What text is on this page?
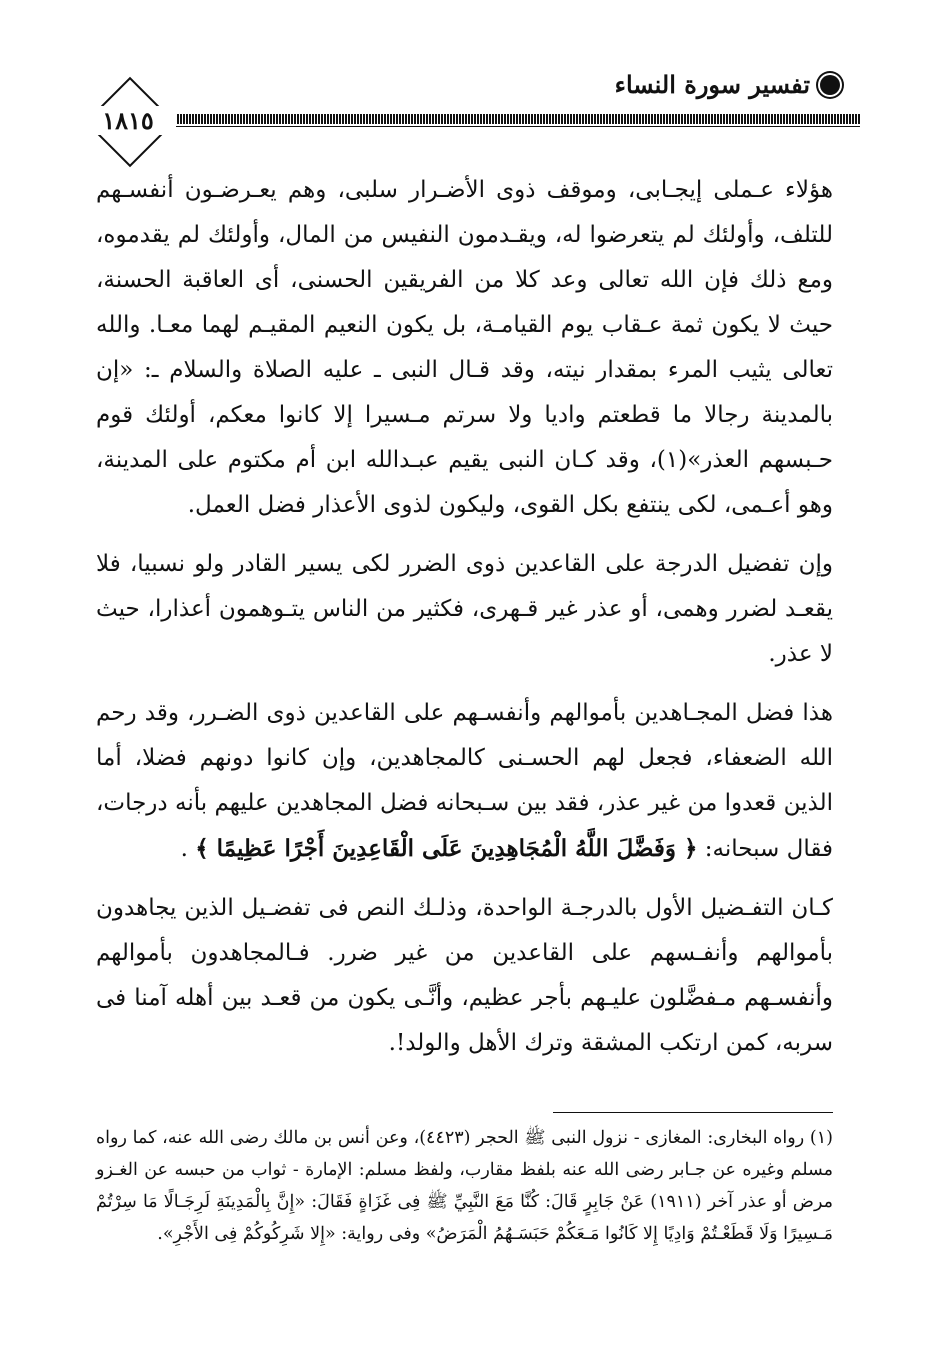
تفسير سورة النساء
١٨١٥

هؤلاء عـملى إيجـابى، وموقف ذوى الأضـرار سلبى، وهم يعـرضـون أنفسـهم للتلف، وأولئك لم يتعرضوا له، ويقـدمون النفيس من المال، وأولئك لم يقدموه، ومع ذلك فإن الله تعالى وعد كلا من الفريقين الحسنى، أى العاقبة الحسنة، حيث لا يكون ثمة عـقاب يوم القيامـة، بل يكون النعيم المقيـم لهما معـا. والله تعالى يثيب المرء بمقدار نيته، وقد قـال النبى ـ عليه الصلاة والسلام ـ: «إن بالمدينة رجالا ما قطعتم واديا ولا سرتم مـسيرا إلا كانوا معكم، أولئك قوم حـبسهم العذر»(١)، وقد كـان النبى يقيم عبـدالله ابن أم مكتوم على المدينة، وهو أعـمى، لكى ينتفع بكل القوى، وليكون لذوى الأعذار فضل العمل.

وإن تفضيل الدرجة على القاعدين ذوى الضرر لكى يسير القادر ولو نسبيا، فلا يقعـد لضرر وهمى، أو عذر غير قـهرى، فكثير من الناس يتـوهمون أعذارا، حيث لا عذر.

هذا فضل المجـاهدين بأموالهم وأنفسـهم على القاعدين ذوى الضـرر، وقد رحم الله الضعفاء، فجعل لهم الحسـنى كالمجاهدين، وإن كانوا دونهم فضلا، أما الذين قعدوا من غير عذر، فقد بين سـبحانه فضل المجاهدين عليهم بأنه درجات، فقال سبحانه: ﴿ وَفَضَّلَ اللَّهُ الْمُجَاهِدِينَ عَلَى الْقَاعِدِينَ أَجْرًا عَظِيمًا ﴾ .

كـان التفـضيل الأول بالدرجـة الواحدة، وذلـك النص فى تفضـيل الذين يجاهدون بأموالهم وأنفـسهم على القاعدين من غير ضرر. فـالمجاهدون بأموالهم وأنفسـهم مـفضَّلون عليـهم بأجر عظيم، وأنَّـى يكون من قعـد بين أهله آمنا فى سربه، كمن ارتكب المشقة وترك الأهل والولد!.

(١) رواه البخارى: المغازى - نزول النبى ﷺ الحجر (٤٤٢٣)، وعن أنس بن مالك رضى الله عنه، كما رواه مسلم وغيره عن جـابر رضى الله عنه بلفظ مقارب، ولفظ مسلم: الإمارة - ثواب من حبسه عن الغـزو مرض أو عذر آخر (١٩١١) عَنْ جَابِرٍ قَالَ: كُنَّا مَعَ النَّبِيِّ ﷺ فِى غَزَاةٍ فَقَالَ: «إِنَّ بِالْمَدِينَةِ لَرِجَـالًا مَا سِرْتُمْ مَـسِيرًا وَلَا قَطَعْـتُمْ وَادِيًا إِلا كَانُوا مَـعَكُمْ حَبَسَـهُمُ الْمَرَضُ» وفى رواية: «إِلا شَرِكُوكُمْ فِى الأَجْرِ».
